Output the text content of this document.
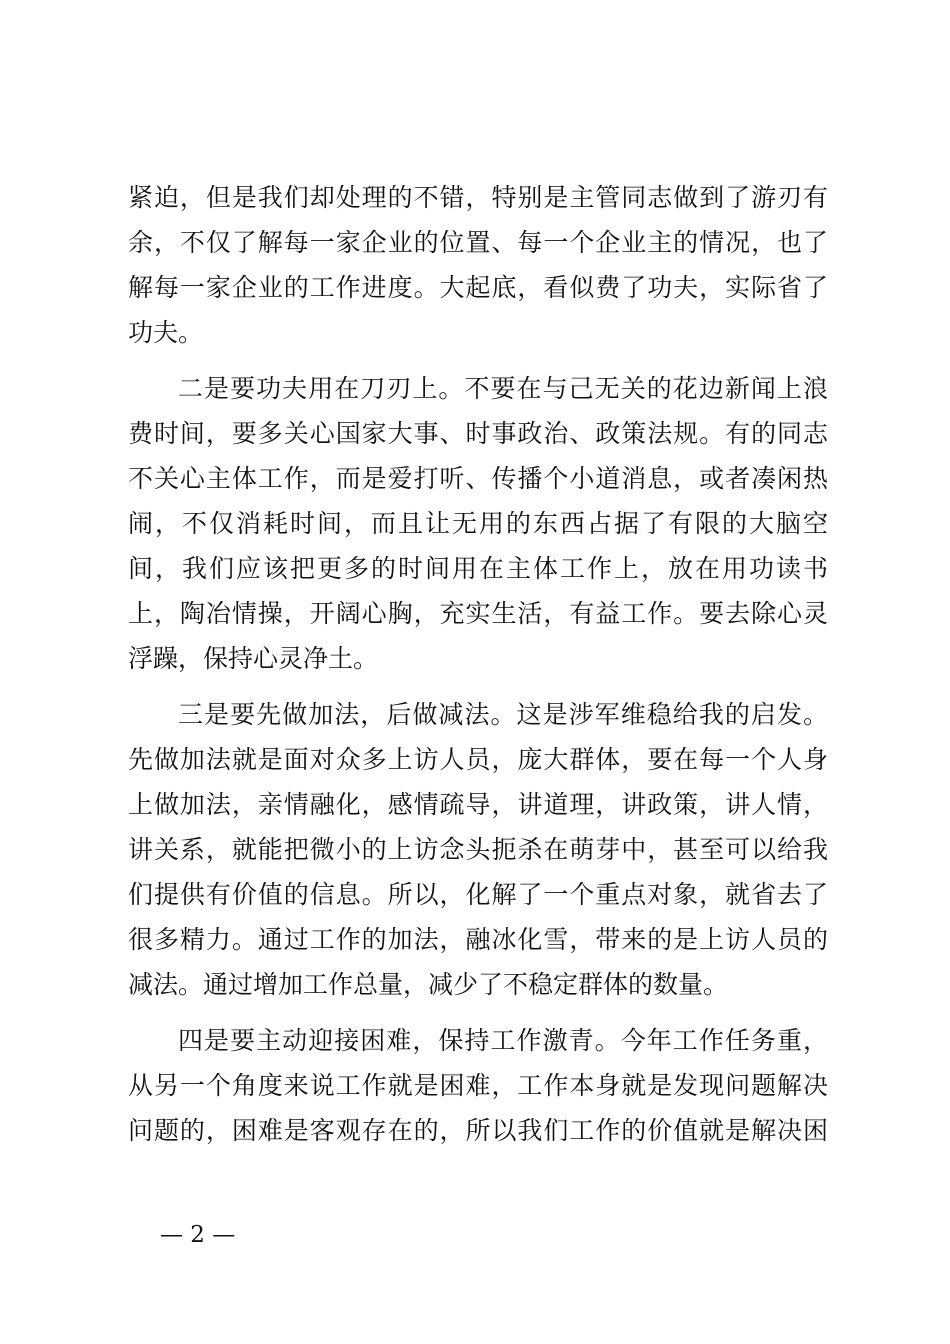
紧迫，但是我们却处理的不错，特别是主管同志做到了游刃有
余，不仅了解每一家企业的位置、每一个企业主的情况，也了
解每一家企业的工作进度。大起底，看似费了功夫，实际省了
功夫。
二是要功夫用在刀刃上。不要在与己无关的花边新闻上浪
费时间，要多关心国家大事、时事政治、政策法规。有的同志
不关心主体工作，而是爱打听、传播个小道消息，或者凑闲热
闹，不仅消耗时间，而且让无用的东西占据了有限的大脑空
间，我们应该把更多的时间用在主体工作上，放在用功读书
上，陶冶情操，开阔心胸，充实生活，有益工作。要去除心灵
浮躁，保持心灵净土。
三是要先做加法，后做减法。这是涉军维稳给我的启发。
先做加法就是面对众多上访人员，庞大群体，要在每一个人身
上做加法，亲情融化，感情疏导，讲道理，讲政策，讲人情，
讲关系，就能把微小的上访念头扼杀在萌芽中，甚至可以给我
们提供有价值的信息。所以，化解了一个重点对象，就省去了
很多精力。通过工作的加法，融冰化雪，带来的是上访人员的
减法。通过增加工作总量，减少了不稳定群体的数量。
四是要主动迎接困难，保持工作激青。今年工作任务重，
从另一个角度来说工作就是困难，工作本身就是发现问题解决
问题的，困难是客观存在的，所以我们工作的价值就是解决困
— 2 —
